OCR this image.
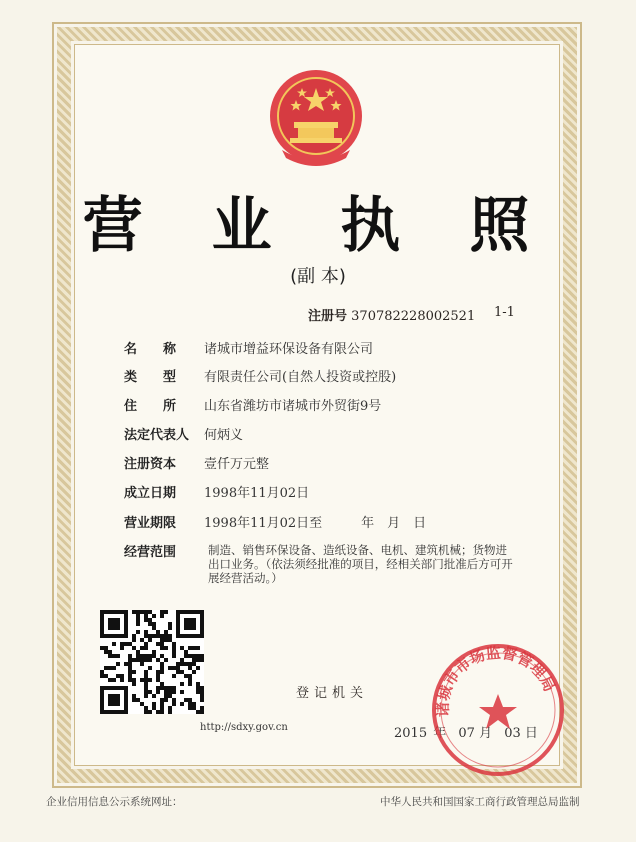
营 业 执 照
(副 本)
注册号 370782228002521 1-1
名　　称 诸城市增益环保设备有限公司
类　　型 有限责任公司(自然人投资或控股)
住　　所 山东省潍坊市诸城市外贸街9号
法定代表人 何炳义
注册资本 壹仟万元整
成立日期 1998年11月02日
营业期限 1998年11月02日至　　　年　月　日
经营范围	制造、销售环保设备、造纸设备、电机、建筑机械；货物进出口业务。（依法须经批准的项目，经相关部门批准后方可开展经营活动。）
登记机关
http://sdxy.gov.cn	2015 年 07 月 03 日
诸城市市场监督管理局
企业信用信息公示系统网址：	中华人民共和国国家工商行政管理总局监制
